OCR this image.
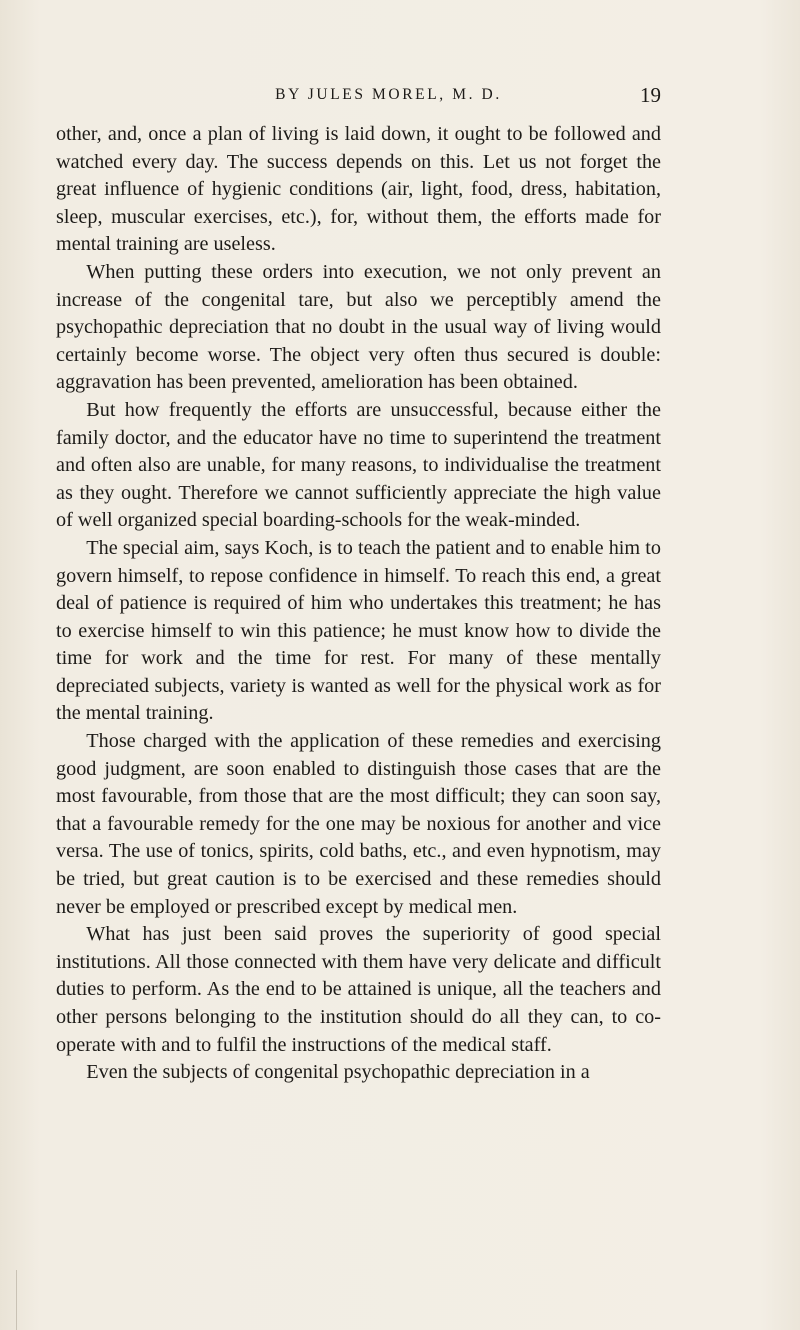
BY JULES MOREL, M. D.	19

other, and, once a plan of living is laid down, it ought to be followed and watched every day. The success depends on this. Let us not forget the great influence of hygienic conditions (air, light, food, dress, habitation, sleep, muscular exercises, etc.), for, without them, the efforts made for mental training are useless.

When putting these orders into execution, we not only prevent an increase of the congenital tare, but also we perceptibly amend the psychopathic depreciation that no doubt in the usual way of living would certainly become worse. The object very often thus secured is double: aggravation has been prevented, amelioration has been obtained.

But how frequently the efforts are unsuccessful, because either the family doctor, and the educator have no time to superintend the treatment and often also are unable, for many reasons, to individualise the treatment as they ought. Therefore we cannot sufficiently appreciate the high value of well organized special boarding-schools for the weak-minded.

The special aim, says Koch, is to teach the patient and to enable him to govern himself, to repose confidence in himself. To reach this end, a great deal of patience is required of him who undertakes this treatment; he has to exercise himself to win this patience; he must know how to divide the time for work and the time for rest. For many of these mentally depreciated subjects, variety is wanted as well for the physical work as for the mental training.

Those charged with the application of these remedies and exercising good judgment, are soon enabled to distinguish those cases that are the most favourable, from those that are the most difficult; they can soon say, that a favourable remedy for the one may be noxious for another and vice versa. The use of tonics, spirits, cold baths, etc., and even hypnotism, may be tried, but great caution is to be exercised and these remedies should never be employed or prescribed except by medical men.

What has just been said proves the superiority of good special institutions. All those connected with them have very delicate and difficult duties to perform. As the end to be attained is unique, all the teachers and other persons belonging to the institution should do all they can, to co-operate with and to fulfil the instructions of the medical staff.

Even the subjects of congenital psychopathic depreciation in a
